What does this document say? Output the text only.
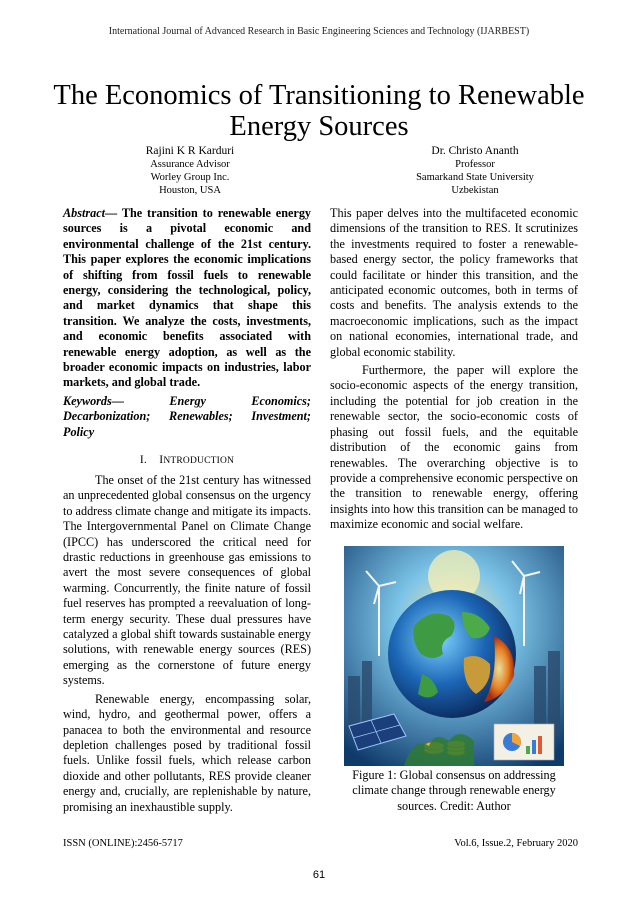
International Journal of Advanced Research in Basic Engineering Sciences and Technology (IJARBEST)
The Economics of Transitioning to Renewable Energy Sources
Rajini K R Karduri
Assurance Advisor
Worley Group Inc.
Houston, USA
Dr. Christo Ananth
Professor
Samarkand State University
Uzbekistan
Abstract— The transition to renewable energy sources is a pivotal economic and environmental challenge of the 21st century. This paper explores the economic implications of shifting from fossil fuels to renewable energy, considering the technological, policy, and market dynamics that shape this transition. We analyze the costs, investments, and economic benefits associated with renewable energy adoption, as well as the broader economic impacts on industries, labor markets, and global trade.
Keywords—	Energy Economics; Decarbonization; Renewables; Investment; Policy
I. INTRODUCTION

The onset of the 21st century has witnessed an unprecedented global consensus on the urgency to address climate change and mitigate its impacts. The Intergovernmental Panel on Climate Change (IPCC) has underscored the critical need for drastic reductions in greenhouse gas emissions to avert the most severe consequences of global warming. Concurrently, the finite nature of fossil fuel reserves has prompted a reevaluation of long-term energy security. These dual pressures have catalyzed a global shift towards sustainable energy solutions, with renewable energy sources (RES) emerging as the cornerstone of future energy systems.

Renewable energy, encompassing solar, wind, hydro, and geothermal power, offers a panacea to both the environmental and resource depletion challenges posed by traditional fossil fuels. Unlike fossil fuels, which release carbon dioxide and other pollutants, RES provide cleaner energy and, crucially, are replenishable by nature, promising an inexhaustible supply.

This paper delves into the multifaceted economic dimensions of the transition to RES. It scrutinizes the investments required to foster a renewable-based energy sector, the policy frameworks that could facilitate or hinder this transition, and the anticipated economic outcomes, both in terms of costs and benefits. The analysis extends to the macroeconomic implications, such as the impact on national economies, international trade, and global economic stability.

Furthermore, the paper will explore the socio-economic aspects of the energy transition, including the potential for job creation in the renewable sector, the socio-economic costs of phasing out fossil fuels, and the equitable distribution of the economic gains from renewables. The overarching objective is to provide a comprehensive economic perspective on the transition to renewable energy, offering insights into how this transition can be managed to maximize economic and social welfare.

Figure 1: Global consensus on addressing climate change through renewable energy sources. Credit: Author
ISSN (ONLINE):2456-5717	Vol.6, Issue.2, February 2020
61
